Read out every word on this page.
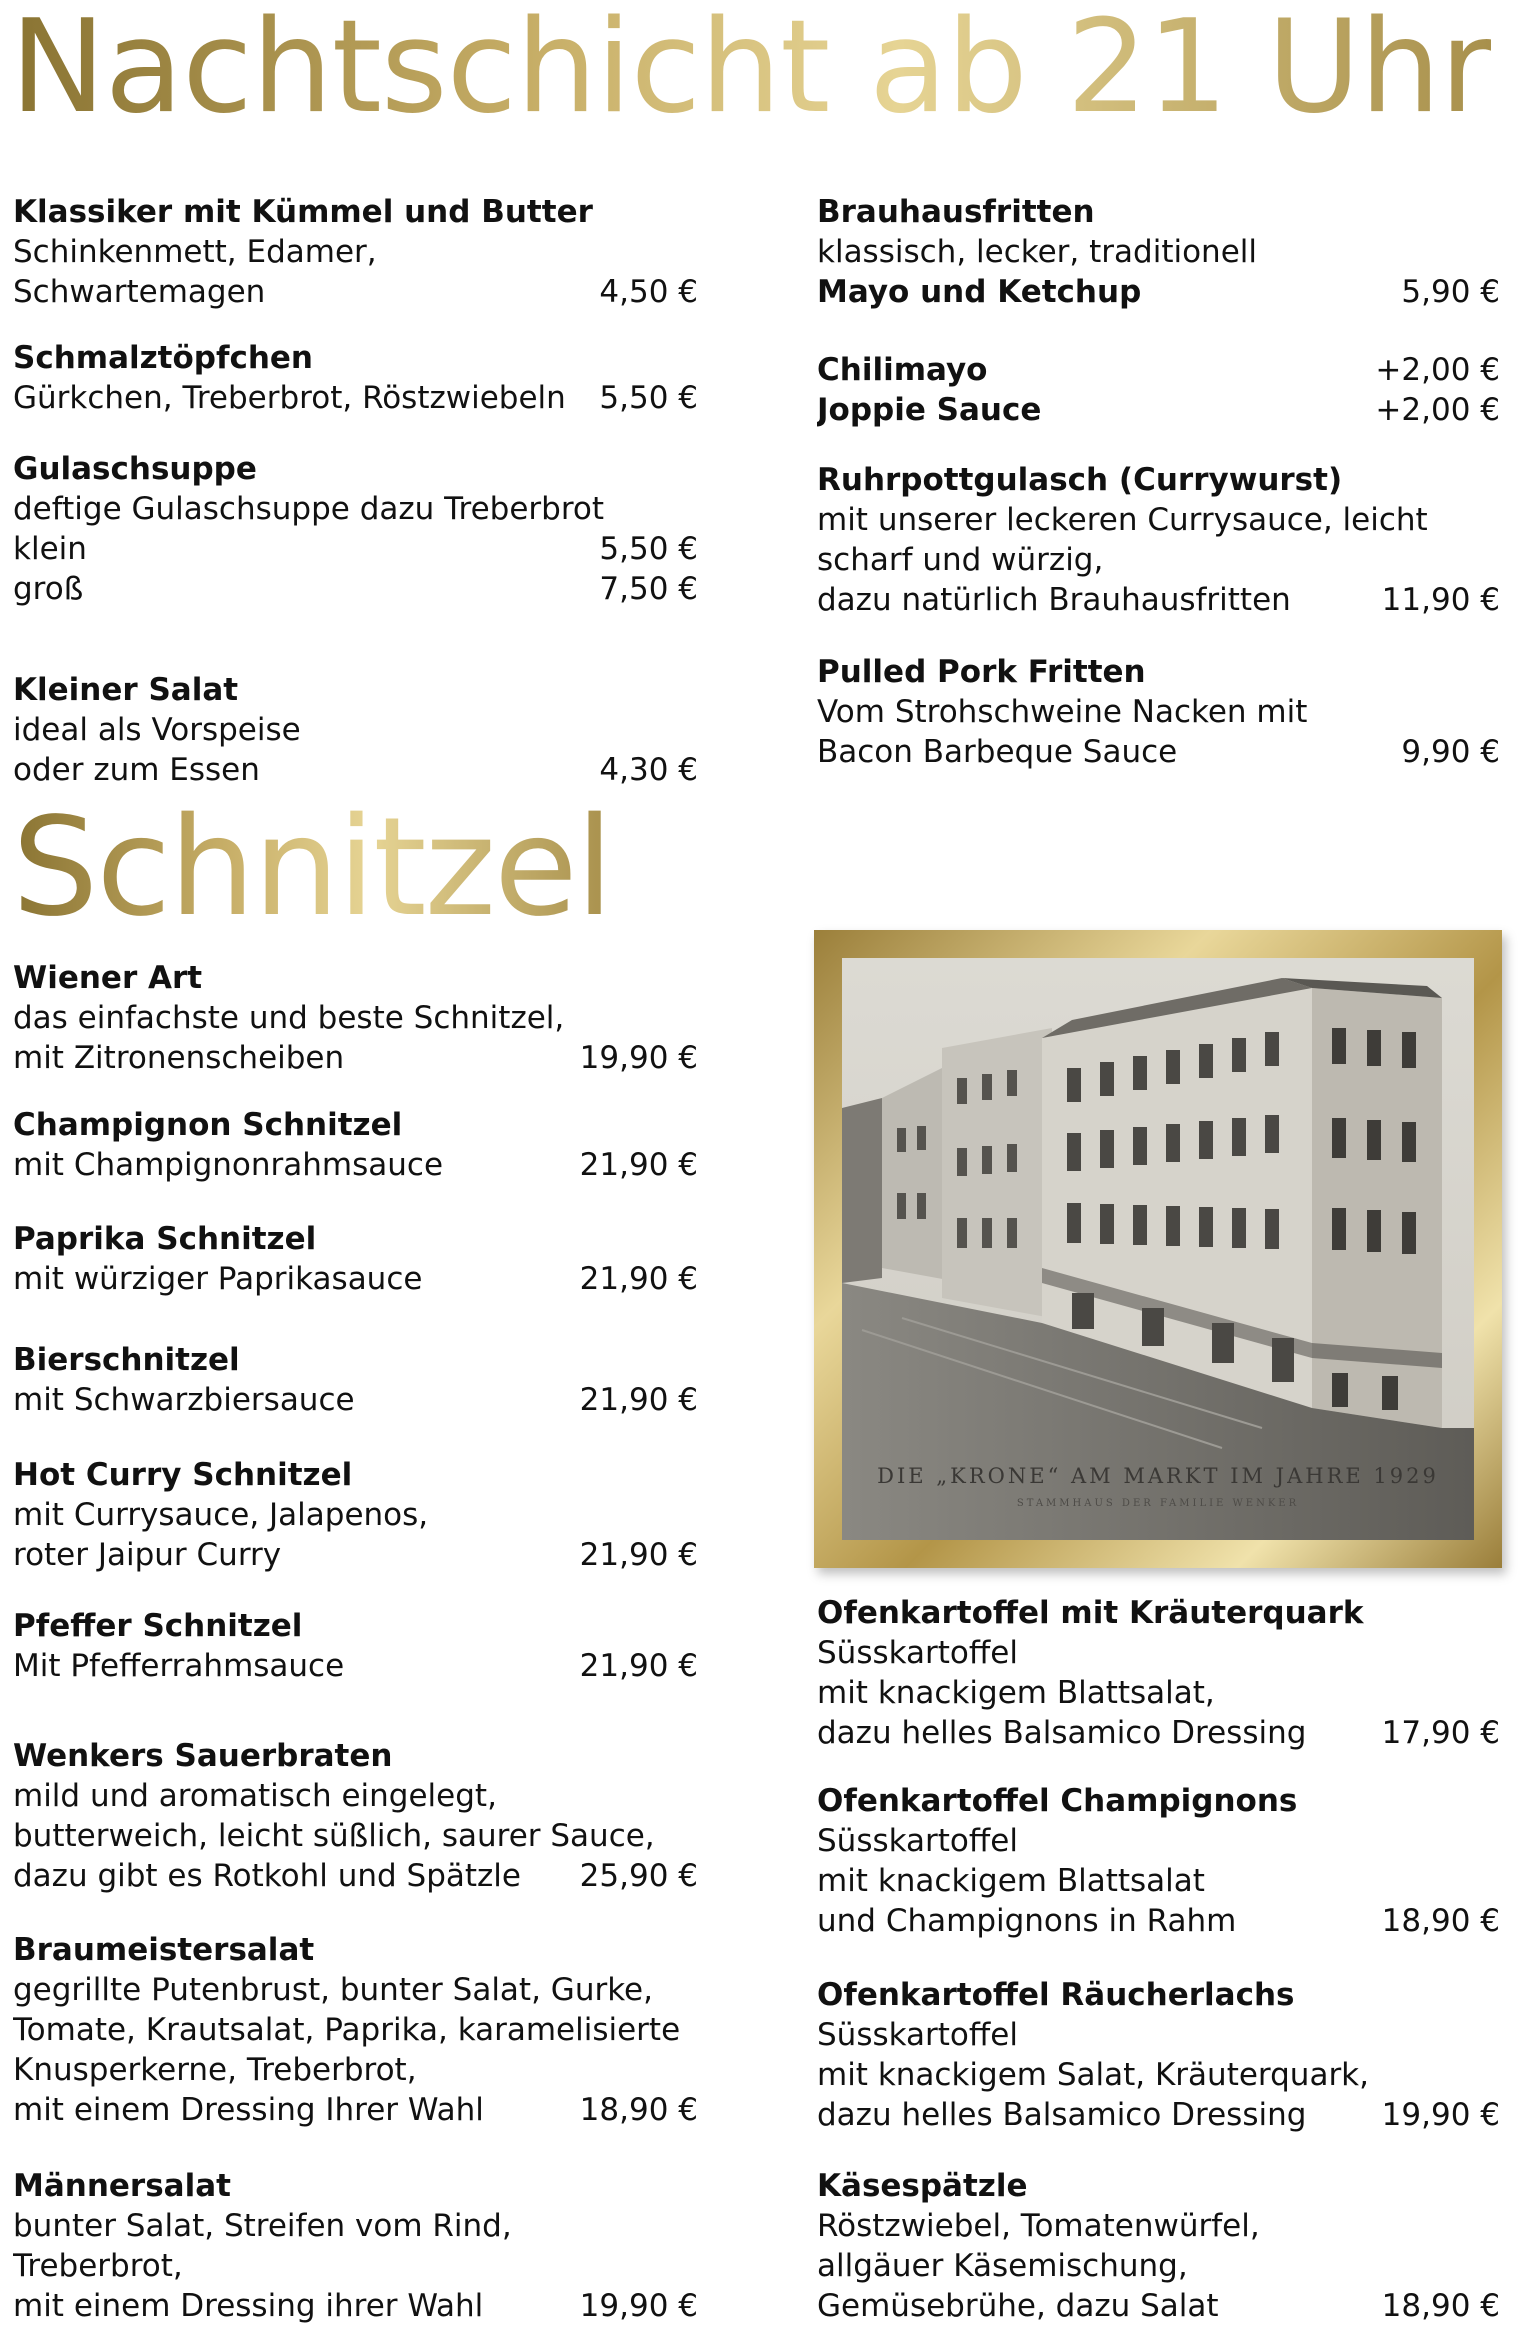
Nachtschicht ab 21 Uhr
Schnitzel
Klassiker mit Kümmel und Butter
Schinkenmett, Edamer,
Schwartemagen	4,50 €
Schmalztöpfchen
Gürkchen, Treberbrot, Röstzwiebeln	5,50 €
Gulaschsuppe
deftige Gulaschsuppe dazu Treberbrot
klein	5,50 €
groß	7,50 €
Kleiner Salat
ideal als Vorspeise
oder zum Essen	4,30 €
Wiener Art
das einfachste und beste Schnitzel,
mit Zitronenscheiben	19,90 €
Champignon Schnitzel
mit Champignonrahmsauce	21,90 €
Paprika Schnitzel
mit würziger Paprikasauce	21,90 €
Bierschnitzel
mit Schwarzbiersauce	21,90 €
Hot Curry Schnitzel
mit Currysauce, Jalapenos,
roter Jaipur Curry	21,90 €
Pfeffer Schnitzel
Mit Pfefferrahmsauce	21,90 €
Wenkers Sauerbraten
mild und aromatisch eingelegt,
butterweich, leicht süßlich, saurer Sauce,
dazu gibt es Rotkohl und Spätzle	25,90 €
Braumeistersalat
gegrillte Putenbrust, bunter Salat, Gurke,
Tomate, Krautsalat, Paprika, karamelisierte
Knusperkerne, Treberbrot,
mit einem Dressing Ihrer Wahl	18,90 €
Männersalat
bunter Salat, Streifen vom Rind,
Treberbrot,
mit einem Dressing ihrer Wahl	19,90 €
Brauhausfritten
klassisch, lecker, traditionell
Mayo und Ketchup	5,90 €
Chilimayo	+2,00 €
Joppie Sauce	+2,00 €
Ruhrpottgulasch (Currywurst)
mit unserer leckeren Currysauce, leicht
scharf und würzig,
dazu natürlich Brauhausfritten	11,90 €
Pulled Pork Fritten
Vom Strohschweine Nacken mit
Bacon Barbeque Sauce	9,90 €
Ofenkartoffel mit Kräuterquark
Süsskartoffel
mit knackigem Blattsalat,
dazu helles Balsamico Dressing	17,90 €
Ofenkartoffel Champignons
Süsskartoffel
mit knackigem Blattsalat
und Champignons in Rahm	18,90 €
Ofenkartoffel Räucherlachs
Süsskartoffel
mit knackigem Salat, Kräuterquark,
dazu helles Balsamico Dressing	19,90 €
Käsespätzle
Röstzwiebel, Tomatenwürfel,
allgäuer Käsemischung,
Gemüsebrühe, dazu Salat	18,90 €
DIE „KRONE“ AM MARKT IM JAHRE 1929
STAMMHAUS DER FAMILIE WENKER
